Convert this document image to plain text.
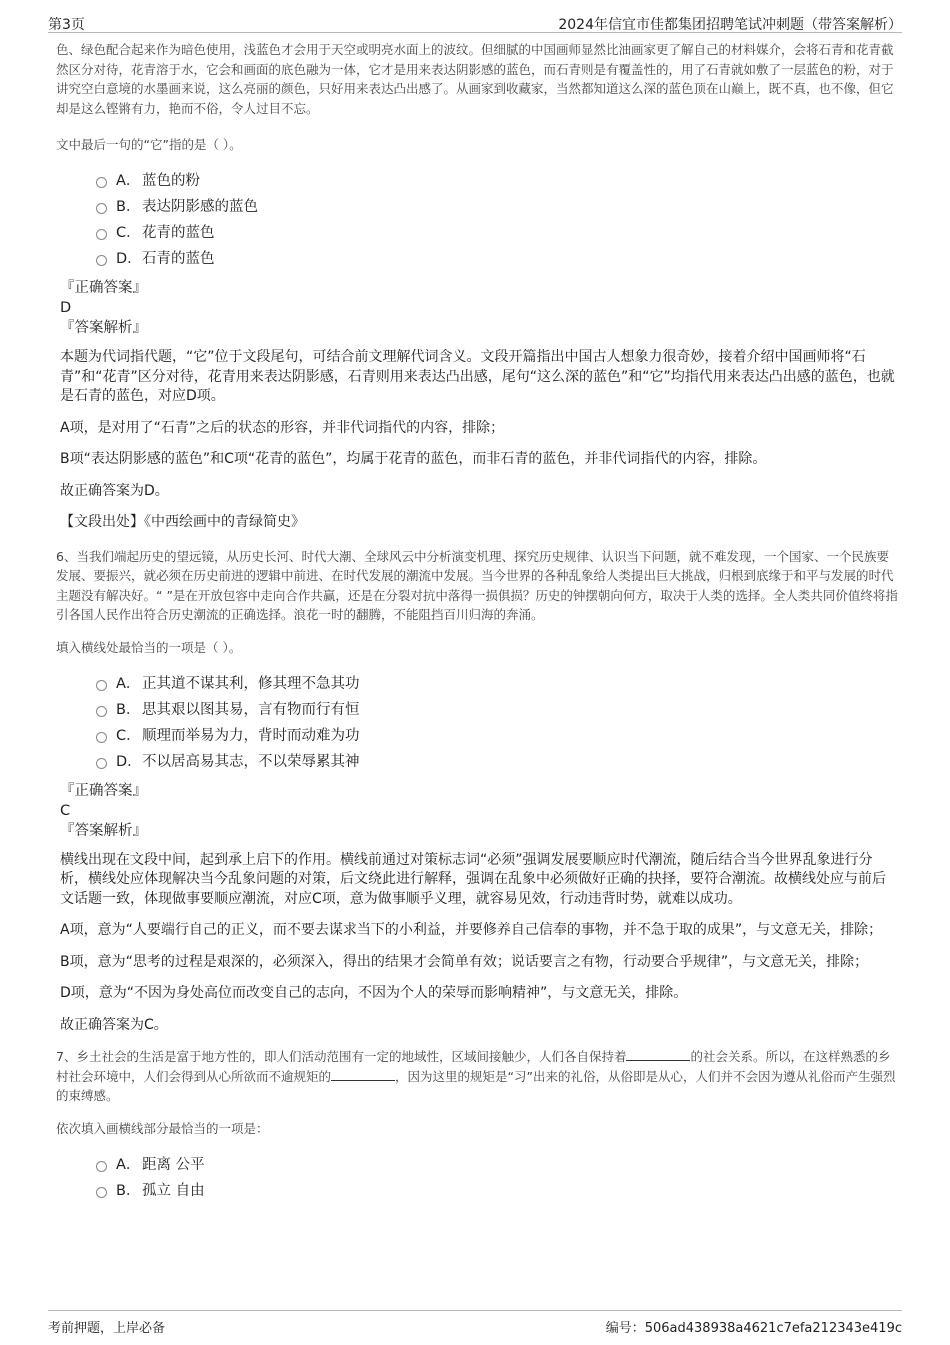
第3页	2024年信宜市佳都集团招聘笔试冲刺题（带答案解析）

色、绿色配合起来作为暗色使用，浅蓝色才会用于天空或明亮水面上的波纹。但细腻的中国画师显然比油画家更了解自己的材料媒介，会将石青和花青截然区分对待，花青溶于水，它会和画面的底色融为一体，它才是用来表达阴影感的蓝色，而石青则是有覆盖性的，用了石青就如敷了一层蓝色的粉，对于讲究空白意境的水墨画来说，这么亮丽的颜色，只好用来表达凸出感了。从画家到收藏家，当然都知道这么深的蓝色顶在山巅上，既不真，也不像，但它却是这么铿锵有力，艳而不俗，令人过目不忘。

文中最后一句的“它”指的是（ ）。

A． 蓝色的粉
B． 表达阴影感的蓝色
C．花青的蓝色
D．石青的蓝色

『正确答案』

D

『答案解析』

本题为代词指代题，“它”位于文段尾句，可结合前文理解代词含义。文段开篇指出中国古人想象力很奇妙，接着介绍中国画师将“石青”和“花青”区分对待，花青用来表达阴影感，石青则用来表达凸出感，尾句“这么深的蓝色”和“它”均指代用来表达凸出感的蓝色，也就是石青的蓝色，对应D项。

A项，是对用了“石青”之后的状态的形容，并非代词指代的内容，排除；

B项“表达阴影感的蓝色”和C项“花青的蓝色”，均属于花青的蓝色，而非石青的蓝色，并非代词指代的内容，排除。

故正确答案为D。

【文段出处】《中西绘画中的青绿简史》

6、当我们端起历史的望远镜，从历史长河、时代大潮、全球风云中分析演变机理、探究历史规律、认识当下问题，就不难发现，一个国家、一个民族要发展、要振兴，就必须在历史前进的逻辑中前进、在时代发展的潮流中发展。当今世界的各种乱象给人类提出巨大挑战，归根到底缘于和平与发展的时代主题没有解决好。“ ”是在开放包容中走向合作共赢，还是在分裂对抗中落得一损俱损？历史的钟摆朝向何方，取决于人类的选择。全人类共同价值终将指引各国人民作出符合历史潮流的正确选择。浪花一时的翻腾，不能阻挡百川归海的奔涌。

填入横线处最恰当的一项是（ ）。

A． 正其道不谋其利，修其理不急其功
B． 思其艰以图其易，言有物而行有恒
C．顺理而举易为力，背时而动难为功
D．不以居高易其志，不以荣辱累其神

『正确答案』

C

『答案解析』

横线出现在文段中间，起到承上启下的作用。横线前通过对策标志词“必须”强调发展要顺应时代潮流，随后结合当今世界乱象进行分析，横线处应体现解决当今乱象问题的对策，后文绕此进行解释，强调在乱象中必须做好正确的抉择，要符合潮流。故横线处应与前后文话题一致，体现做事要顺应潮流，对应C项，意为做事顺乎义理，就容易见效，行动违背时势，就难以成功。

A项，意为“人要端行自己的正义，而不要去谋求当下的小利益，并要修养自己信奉的事物，并不急于取的成果”，与文意无关，排除；

B项，意为“思考的过程是艰深的，必须深入，得出的结果才会简单有效；说话要言之有物，行动要合乎规律”，与文意无关，排除；

D项，意为“不因为身处高位而改变自己的志向，不因为个人的荣辱而影响精神”，与文意无关，排除。

故正确答案为C。

7、乡土社会的生活是富于地方性的，即人们活动范围有一定的地域性，区域间接触少，人们各自保持着	的社会关系。所以，在这样熟悉的乡村社会环境中，人们会得到从心所欲而不逾规矩的	，因为这里的规矩是“习”出来的礼俗，从俗即是从心，人们并不会因为遵从礼俗而产生强烈的束缚感。

依次填入画横线部分最恰当的一项是：

A． 距离 公平
B． 孤立 自由
考前押题，上岸必备	编号：506ad438938a4621c7efa212343e419c
